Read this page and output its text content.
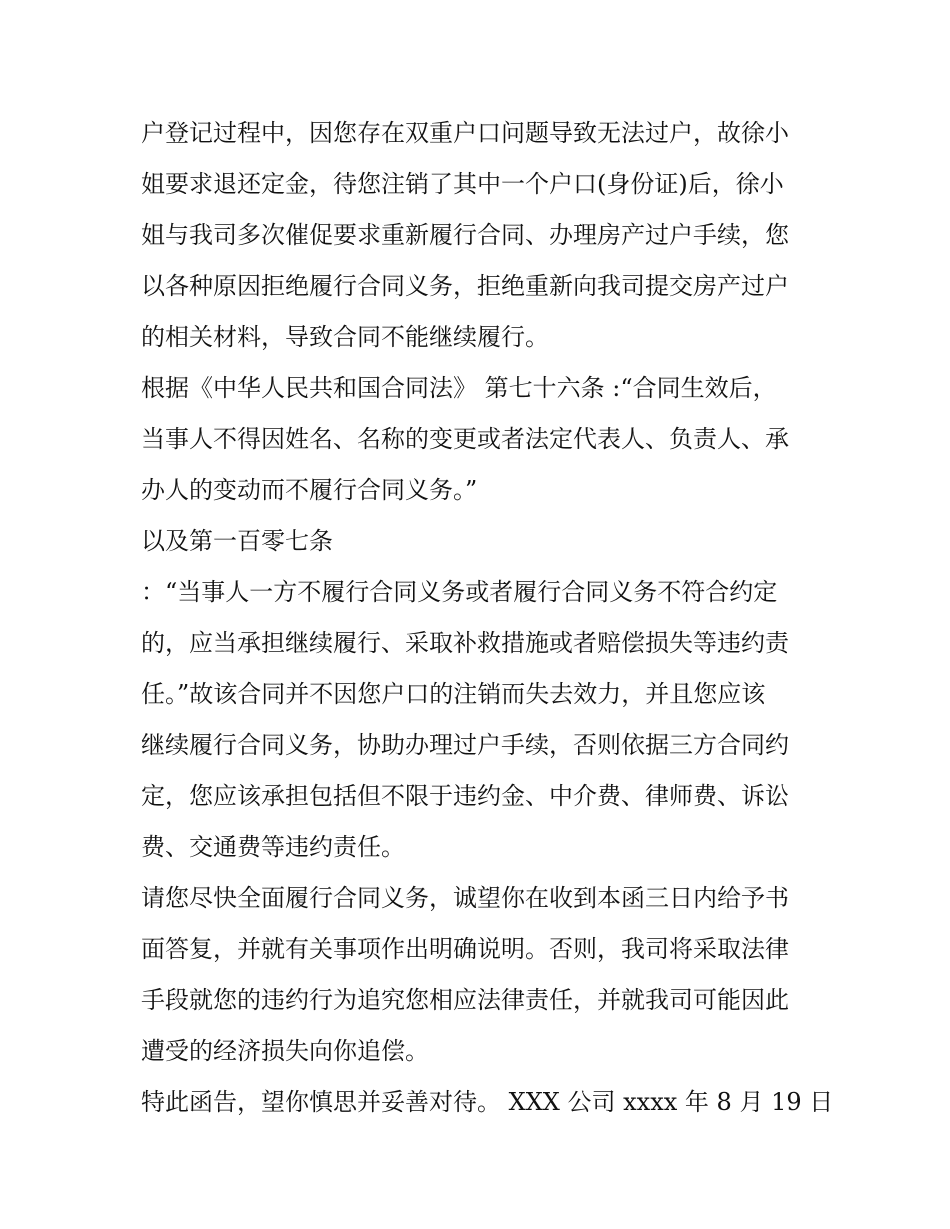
户登记过程中，因您存在双重户口问题导致无法过户，故徐小
姐要求退还定金，待您注销了其中一个户口(身份证)后，徐小
姐与我司多次催促要求重新履行合同、办理房产过户手续，您
以各种原因拒绝履行合同义务，拒绝重新向我司提交房产过户
的相关材料，导致合同不能继续履行。
根据《中华人民共和国合同法》 第七十六条 :“合同生效后，
当事人不得因姓名、名称的变更或者法定代表人、负责人、承
办人的变动而不履行合同义务。”
以及第一百零七条
：“当事人一方不履行合同义务或者履行合同义务不符合约定
的，应当承担继续履行、采取补救措施或者赔偿损失等违约责
任。”故该合同并不因您户口的注销而失去效力，并且您应该
继续履行合同义务，协助办理过户手续，否则依据三方合同约
定，您应该承担包括但不限于违约金、中介费、律师费、诉讼
费、交通费等违约责任。
请您尽快全面履行合同义务，诚望你在收到本函三日内给予书
面答复，并就有关事项作出明确说明。否则，我司将采取法律
手段就您的违约行为追究您相应法律责任，并就我司可能因此
遭受的经济损失向你追偿。
特此函告，望你慎思并妥善对待。 XXX 公司 xxxx 年 8 月 19 日
